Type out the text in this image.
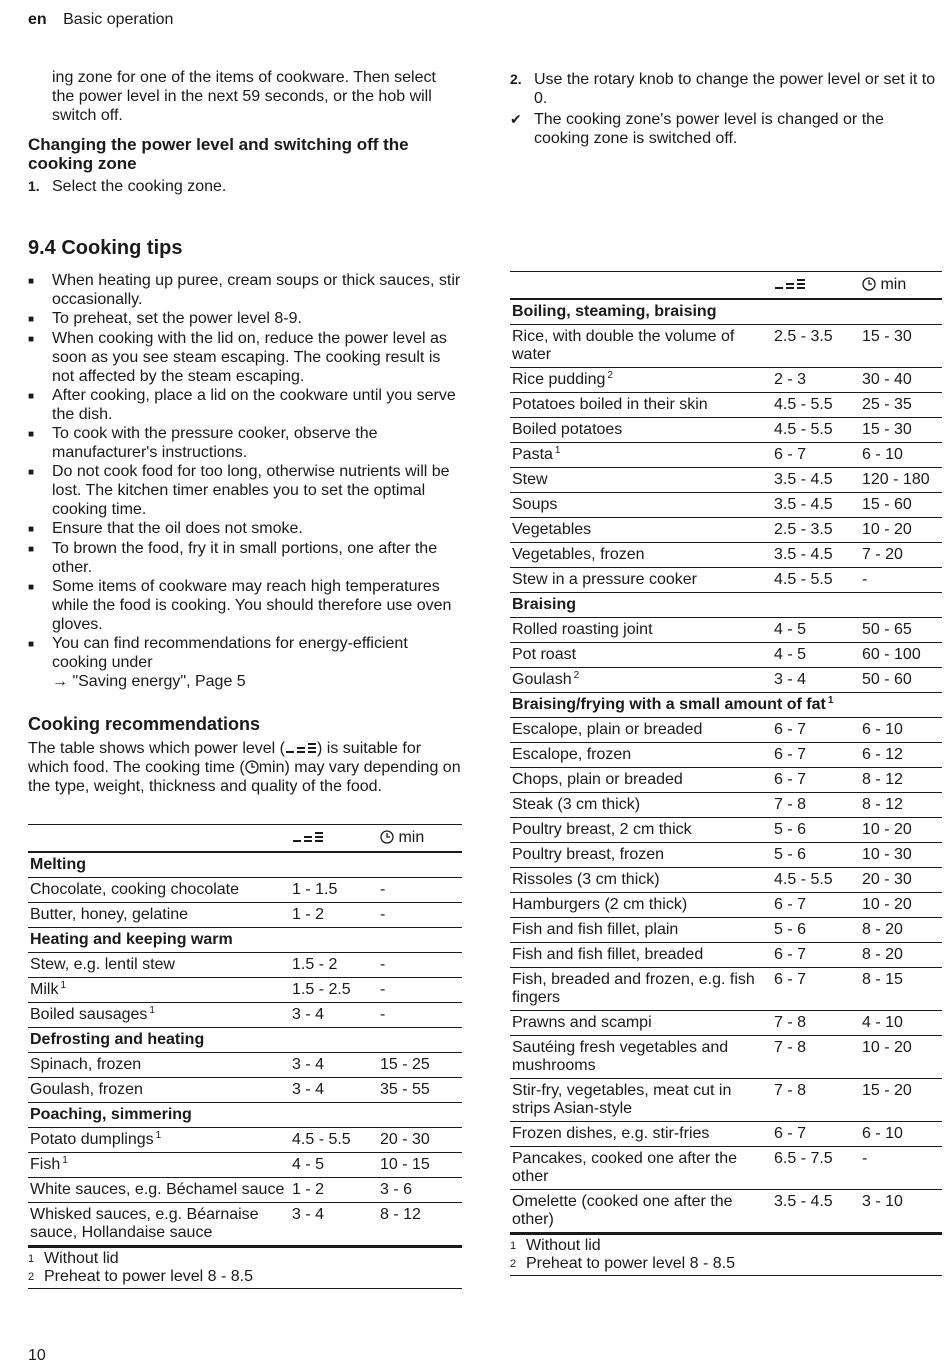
en Basic operation

ing zone for one of the items of cookware. Then select the power level in the next 59 seconds, or the hob will switch off.

Changing the power level and switching off the cooking zone
1. Select the cooking zone.
2. Use the rotary knob to change the power level or set it to 0.
✔ The cooking zone's power level is changed or the cooking zone is switched off.
9.4 Cooking tips
■	When heating up puree, cream soups or thick sauces, stir occasionally.
■	To preheat, set the power level 8-9.
■	When cooking with the lid on, reduce the power level as soon as you see steam escaping. The cooking result is not affected by the steam escaping.
■	After cooking, place a lid on the cookware until you serve the dish.
■	To cook with the pressure cooker, observe the manufacturer's instructions.
■	Do not cook food for too long, otherwise nutrients will be lost. The kitchen timer enables you to set the optimal cooking time.
■	Ensure that the oil does not smoke.
■	To brown the food, fry it in small portions, one after the other.
■	Some items of cookware may reach high temperatures while the food is cooking. You should therefore use oven gloves.
■	You can find recommendations for energy-efficient cooking under
→ "Saving energy", Page 5
Cooking recommendations

The table shows which power level ( ) is suitable for which food. The cooking time ( min) may vary depending on the type, weight, thickness and quality of the food.

		min
Melting		
Chocolate, cooking chocolate	1 - 1.5	-
Butter, honey, gelatine	1 - 2	-
Heating and keeping warm		
Stew, e.g. lentil stew	1.5 - 2	-
Milk $^1$	1.5 - 2.5	-
Boiled sausages $^1$	3 - 4	-
Defrosting and heating		
Spinach, frozen	3 - 4	15 - 25
Goulash, frozen	3 - 4	35 - 55
Poaching, simmering		
Potato dumplings $^1$	4.5 - 5.5	20 - 30
Fish $^1$	4 - 5	10 - 15
White sauces, e.g. Béchamel sauce	1 - 2	3 - 6
Whisked sauces, e.g. Béarnaise sauce, Hollandaise sauce	3 - 4	8 - 12
1 Without lid
2 Preheat to power level 8 - 8.5
		min
Boiling, steaming, braising		
Rice, with double the volume of water	2.5 - 3.5	15 - 30
Rice pudding $^2$	2 - 3	30 - 40
Potatoes boiled in their skin	4.5 - 5.5	25 - 35
Boiled potatoes	4.5 - 5.5	15 - 30
Pasta $^1$	6 - 7	6 - 10
Stew	3.5 - 4.5	120 - 180
Soups	3.5 - 4.5	15 - 60
Vegetables	2.5 - 3.5	10 - 20
Vegetables, frozen	3.5 - 4.5	7 - 20
Stew in a pressure cooker	4.5 - 5.5	-
Braising		
Rolled roasting joint	4 - 5	50 - 65
Pot roast	4 - 5	60 - 100
Goulash $^2$	3 - 4	50 - 60
Braising/frying with a small amount of fat $^1$
Escalope, plain or breaded	6 - 7	6 - 10
Escalope, frozen	6 - 7	6 - 12
Chops, plain or breaded	6 - 7	8 - 12
Steak (3 cm thick)	7 - 8	8 - 12
Poultry breast, 2 cm thick	5 - 6	10 - 20
Poultry breast, frozen	5 - 6	10 - 30
Rissoles (3 cm thick)	4.5 - 5.5	20 - 30
Hamburgers (2 cm thick)	6 - 7	10 - 20
Fish and fish fillet, plain	5 - 6	8 - 20
Fish and fish fillet, breaded	6 - 7	8 - 20
Fish, breaded and frozen, e.g. fish fingers	6 - 7	8 - 15
Prawns and scampi	7 - 8	4 - 10
Sautéing fresh vegetables and mushrooms	7 - 8	10 - 20
Stir-fry, vegetables, meat cut in strips Asian-style	7 - 8	15 - 20
Frozen dishes, e.g. stir-fries	6 - 7	6 - 10
Pancakes, cooked one after the other	6.5 - 7.5	-
Omelette (cooked one after the other)	3.5 - 4.5	3 - 10
1 Without lid
2 Preheat to power level 8 - 8.5
10
